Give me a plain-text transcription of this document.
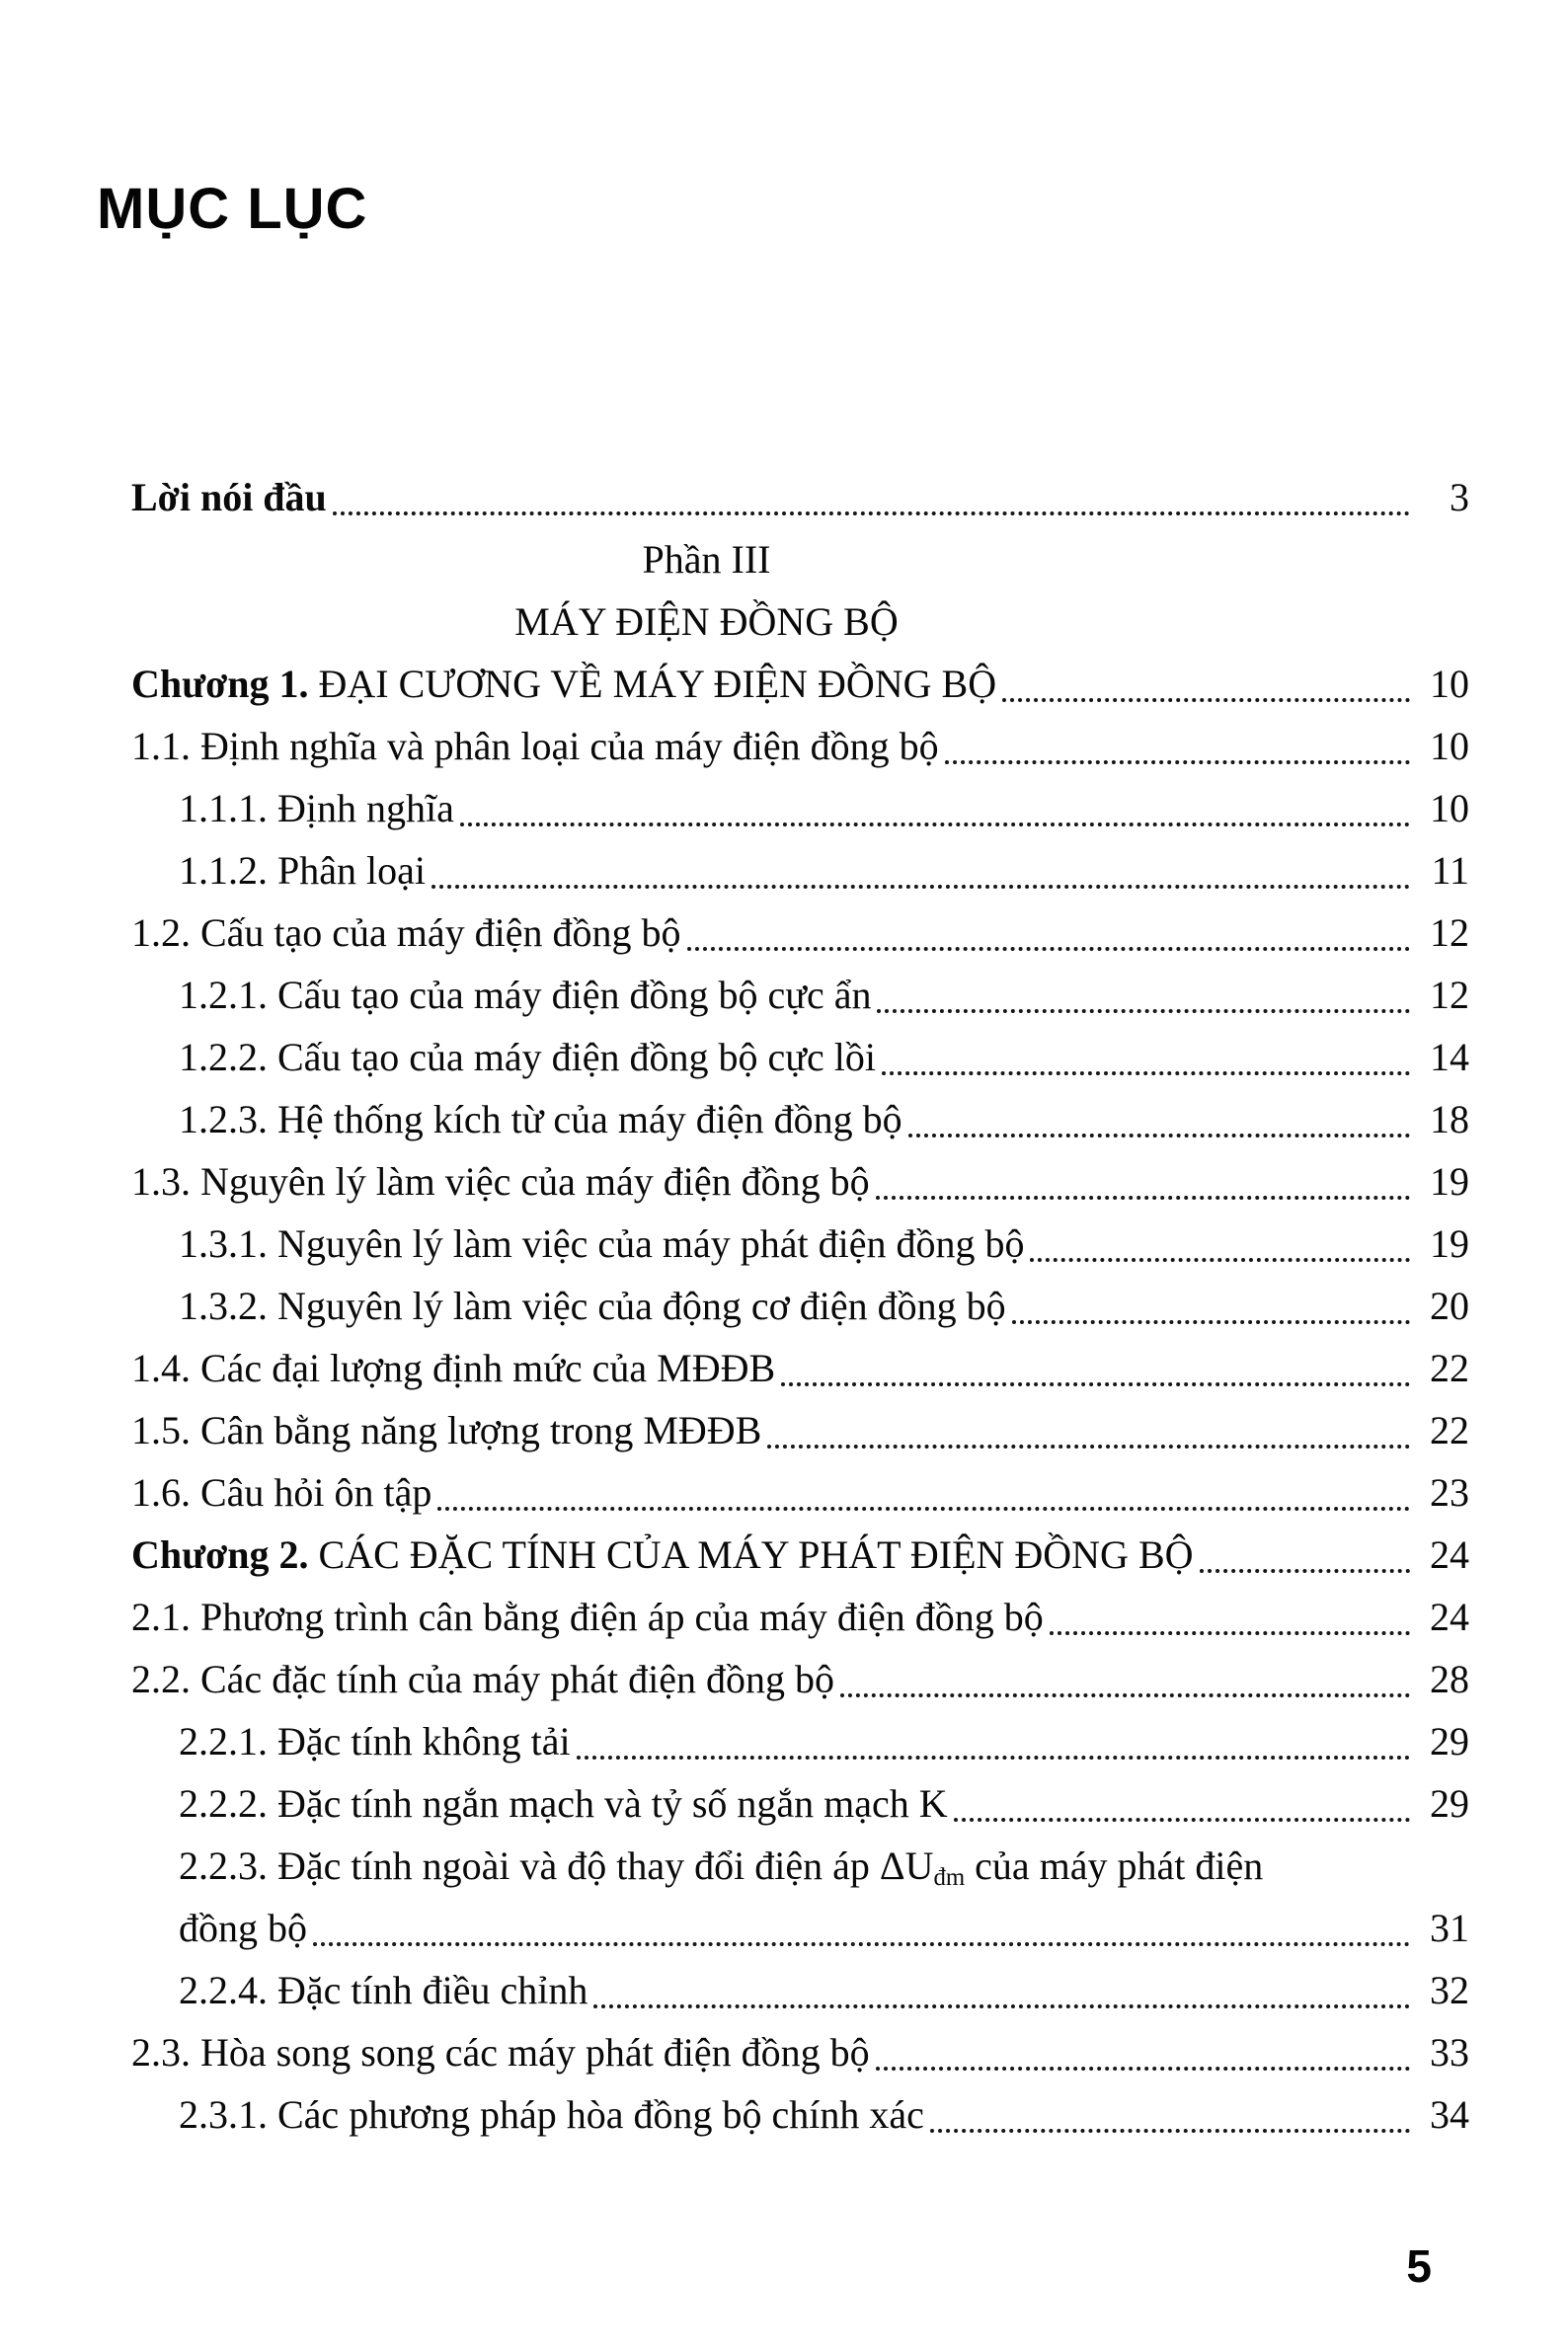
MỤC LỤC
Lời nói đầu	3
Phần III
MÁY ĐIỆN ĐỒNG BỘ
Chương 1. ĐẠI CƯƠNG VỀ MÁY ĐIỆN ĐỒNG BỘ	10
1.1. Định nghĩa và phân loại của máy điện đồng bộ	10
1.1.1. Định nghĩa	10
1.1.2. Phân loại	11
1.2. Cấu tạo của máy điện đồng bộ	12
1.2.1. Cấu tạo của máy điện đồng bộ cực ẩn	12
1.2.2. Cấu tạo của máy điện đồng bộ cực lồi	14
1.2.3. Hệ thống kích từ của máy điện đồng bộ	18
1.3. Nguyên lý làm việc của máy điện đồng bộ	19
1.3.1. Nguyên lý làm việc của máy phát điện đồng bộ	19
1.3.2. Nguyên lý làm việc của động cơ điện đồng bộ	20
1.4. Các đại lượng định mức của MĐĐB	22
1.5. Cân bằng năng lượng trong MĐĐB	22
1.6. Câu hỏi ôn tập	23
Chương 2. CÁC ĐẶC TÍNH CỦA MÁY PHÁT ĐIỆN ĐỒNG BỘ	24
2.1. Phương trình cân bằng điện áp của máy điện đồng bộ	24
2.2. Các đặc tính của máy phát điện đồng bộ	28
2.2.1. Đặc tính không tải	29
2.2.2. Đặc tính ngắn mạch và tỷ số ngắn mạch K	29
2.2.3. Đặc tính ngoài và độ thay đổi điện áp $\Delta U_{đm}$ của máy phát điện
đồng bộ	31
2.2.4. Đặc tính điều chỉnh	32
2.3. Hòa song song các máy phát điện đồng bộ	33
2.3.1. Các phương pháp hòa đồng bộ chính xác	34
5
